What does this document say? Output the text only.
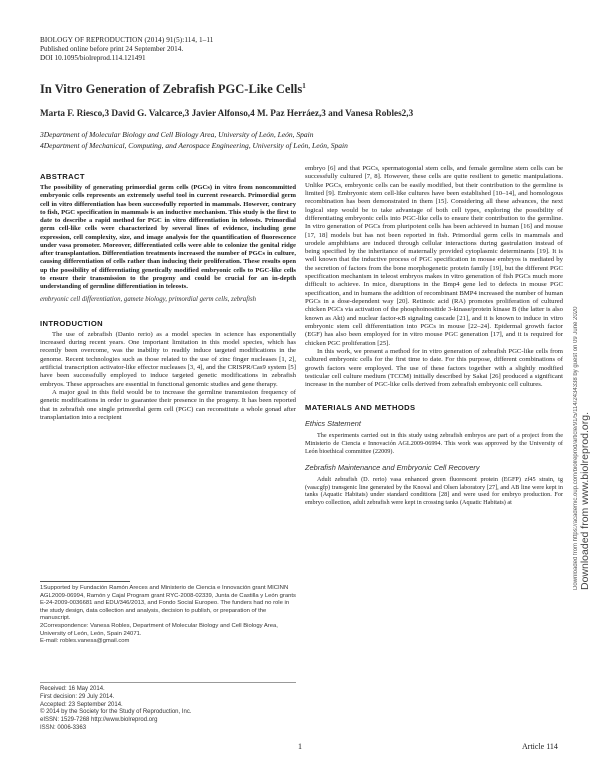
BIOLOGY OF REPRODUCTION (2014) 91(5):114, 1–11
Published online before print 24 September 2014.
DOI 10.1095/biolreprod.114.121491
In Vitro Generation of Zebrafish PGC-Like Cells$^1$
Marta F. Riesco,3 David G. Valcarce,3 Javier Alfonso,4 M. Paz Herráez,3 and Vanesa Robles2,3
3Department of Molecular Biology and Cell Biology Area, University of León, León, Spain
4Department of Mechanical, Computing, and Aerospace Engineering, University of León, León, Spain
ABSTRACT
The possibility of generating primordial germ cells (PGCs) in vitro from noncommitted embryonic cells represents an extremely useful tool in current research. Primordial germ cell in vitro differentiation has been successfully reported in mammals. However, contrary to fish, PGC specification in mammals is an inductive mechanism. This study is the first to date to describe a rapid method for PGC in vitro differentiation in teleosts. Primordial germ cell-like cells were characterized by several lines of evidence, including gene expression, cell complexity, size, and image analysis for the quantification of fluorescence under vasa promoter. Moreover, differentiated cells were able to colonize the genital ridge after transplantation. Differentiation treatments increased the number of PGCs in culture, causing differentiation of cells rather than inducing their proliferation. These results open up the possibility of differentiating genetically modified embryonic cells to PGC-like cells to ensure their transmission to the progeny and could be crucial for an in-depth understanding of germline differentiation in teleosts.
embryonic cell differentiation, gamete biology, primordial germ cells, zebrafish
INTRODUCTION

The use of zebrafish (Danio rerio) as a model species in science has exponentially increased during recent years. One important limitation in this model species, which has recently been overcome, was the inability to readily induce targeted modifications in the genome. Recent technologies such as those related to the use of zinc finger nucleases [1, 2], artificial transcription activator-like effector nucleases [3, 4], and the CRISPR/Cas9 system [5] have been successfully employed to induce targeted genetic modifications in zebrafish embryos. These approaches are essential in functional genomic studies and gene therapy.

A major goal in this field would be to increase the germline transmission frequency of genetic modifications in order to guarantee their presence in the progeny. It has been reported that in zebrafish one single primordial germ cell (PGC) can reconstitute a whole gonad after transplantation into a recipient

1Supported by Fundación Ramón Areces and Ministerio de Ciencia e Innovación grant MICINN AGL2009-06994, Ramón y Cajal Program grant RYC-2008-02339, Junta de Castilla y León grants E-24-2009-0036681 and EDU/346/2013, and Fondo Social Europeo. The funders had no role in the study design, data collection and analysis, decision to publish, or preparation of the manuscript.
2Correspondence: Vanesa Robles, Department of Molecular Biology and Cell Biology Area, University of León, León, Spain 24071.
E-mail: robles.vanesa@gmail.com
Received: 16 May 2014.
First decision: 29 July 2014.
Accepted: 23 September 2014.
© 2014 by the Society for the Study of Reproduction, Inc.
eISSN: 1529-7268 http://www.biolreprod.org
ISSN: 0006-3363

embryo [6] and that PGCs, spermatogonial stem cells, and female germline stem cells can be successfully cultured [7, 8]. However, these cells are quite resilient to genetic manipulations. Unlike PGCs, embryonic cells can be easily modified, but their contribution to the germline is limited [9]. Embryonic stem cell-like cultures have been established [10–14], and homologous recombination has been demonstrated in them [15]. Considering all these advances, the next logical step would be to take advantage of both cell types, exploring the possibility of differentiating embryonic cells into PGC-like cells to ensure their contribution to the germline. In vitro generation of PGCs from pluripotent cells has been achieved in human [16] and mouse [17, 18] models but has not been reported in fish. Primordial germ cells in mammals and urodele amphibians are induced through cellular interactions during gastrulation instead of being specified by the inheritance of maternally provided cytoplasmic determinants [19]. It is well known that the inductive process of PGC specification in mouse embryos is mediated by the secretion of factors from the bone morphogenetic protein family [19], but the different PGC specification mechanism in teleost embryos makes in vitro generation of fish PGCs much more difficult to achieve. In mice, disruptions in the Bmp4 gene led to defects in mouse PGC specification, and in humans the addition of recombinant BMP4 increased the number of human PGCs in a dose-dependent way [20]. Retinoic acid (RA) promotes proliferation of cultured chicken PGCs via activation of the phosphoinositide 3-kinase/protein kinase B (the latter is also known as Akt) and nuclear factor-κB signaling cascade [21], and it is known to induce in vitro embryonic stem cell differentiation into PGCs in mouse [22–24]. Epidermal growth factor (EGF) has also been employed for in vitro mouse PGC generation [17], and it is required for chicken PGC proliferation [25].

In this work, we present a method for in vitro generation of zebrafish PGC-like cells from cultured embryonic cells for the first time to date. For this purpose, different combinations of growth factors were employed. The use of these factors together with a slightly modified testicular cell culture medium (TCCM) initially described by Sakai [26] produced a significant increase in the number of PGC-like cells derived from zebrafish embryonic cell cultures.

MATERIALS AND METHODS
Ethics Statement

The experiments carried out in this study using zebrafish embryos are part of a project from the Ministerio de Ciencia e Innovación AGL2009-06994. This work was approved by the University of León bioethical committee (22009).

Zebrafish Maintenance and Embryonic Cell Recovery

Adult zebrafish (D. rerio) vasa enhanced green fluorescent protein (EGFP) zf45 strain, tg (vasa:gfp) transgenic line generated by the Knoval and Olsen laboratory [27], and AB line were kept in tanks (Aquatic Habitats) under standard conditions [28] and were used for embryo production. For embryo collection, adult zebrafish were kept in crossing tanks (Aquatic Habitats) at	Downloaded from https://academic.oup.com/biolreprod/article/91/5/114/2434338 by guest on 09 June 2020 Downloaded from www.biolreprod.org.
1	Article 114
